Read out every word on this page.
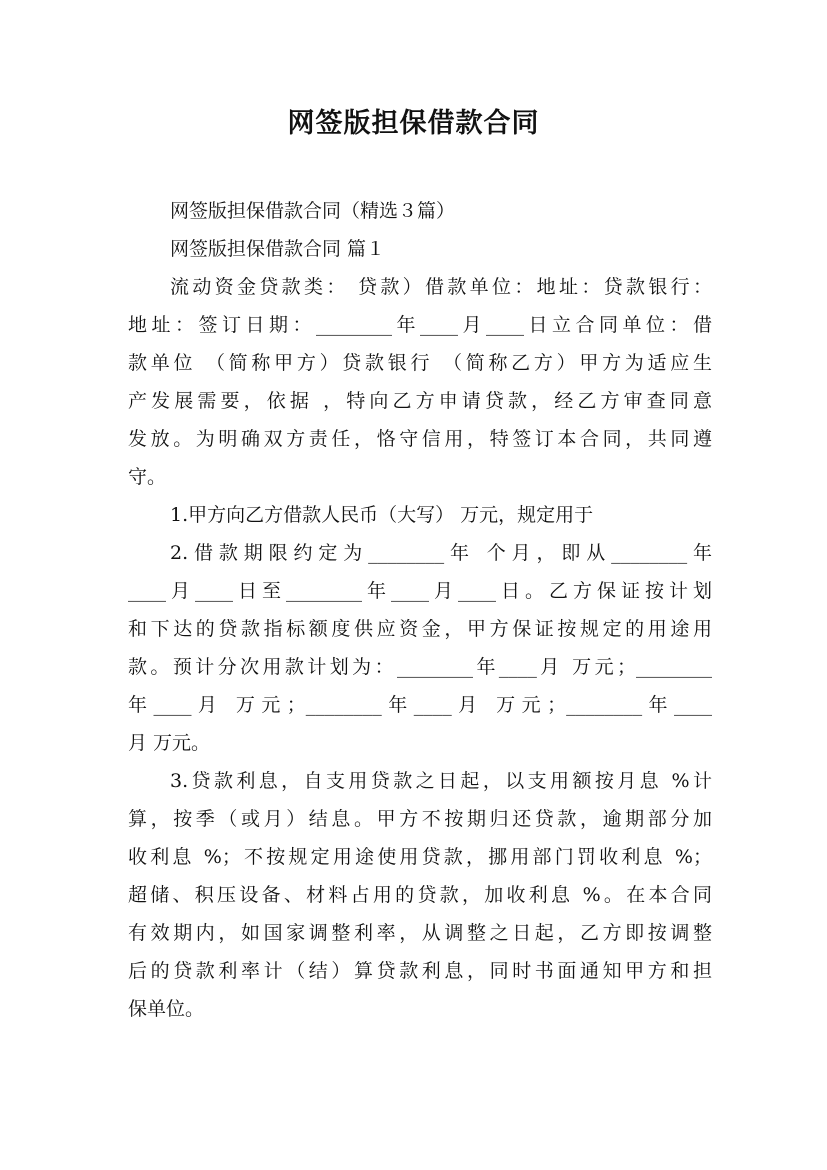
网签版担保借款合同
网签版担保借款合同（精选３篇）
网签版担保借款合同 篇１
流动资金贷款类： 贷款）借款单位：地址：贷款银行：
地址：签订日期：________年____月____日立合同单位：借
款单位 （简称甲方）贷款银行 （简称乙方）甲方为适应生
产发展需要，依据 ，特向乙方申请贷款，经乙方审查同意
发放。为明确双方责任，恪守信用，特签订本合同，共同遵
守。
1.甲方向乙方借款人民币（大写） 万元，规定用于
2.借款期限约定为________年 个月，即从________年
____月____日至________年____月____日。乙方保证按计划
和下达的贷款指标额度供应资金，甲方保证按规定的用途用
款。预计分次用款计划为：________年____月 万元；________
年____月 万元；________年____月 万元；________年____
月 万元。
3.贷款利息，自支用贷款之日起，以支用额按月息 %计
算，按季（或月）结息。甲方不按期归还贷款，逾期部分加
收利息 %；不按规定用途使用贷款，挪用部门罚收利息 %；
超储、积压设备、材料占用的贷款，加收利息 %。在本合同
有效期内，如国家调整利率，从调整之日起，乙方即按调整
后的贷款利率计（结）算贷款利息，同时书面通知甲方和担
保单位。
